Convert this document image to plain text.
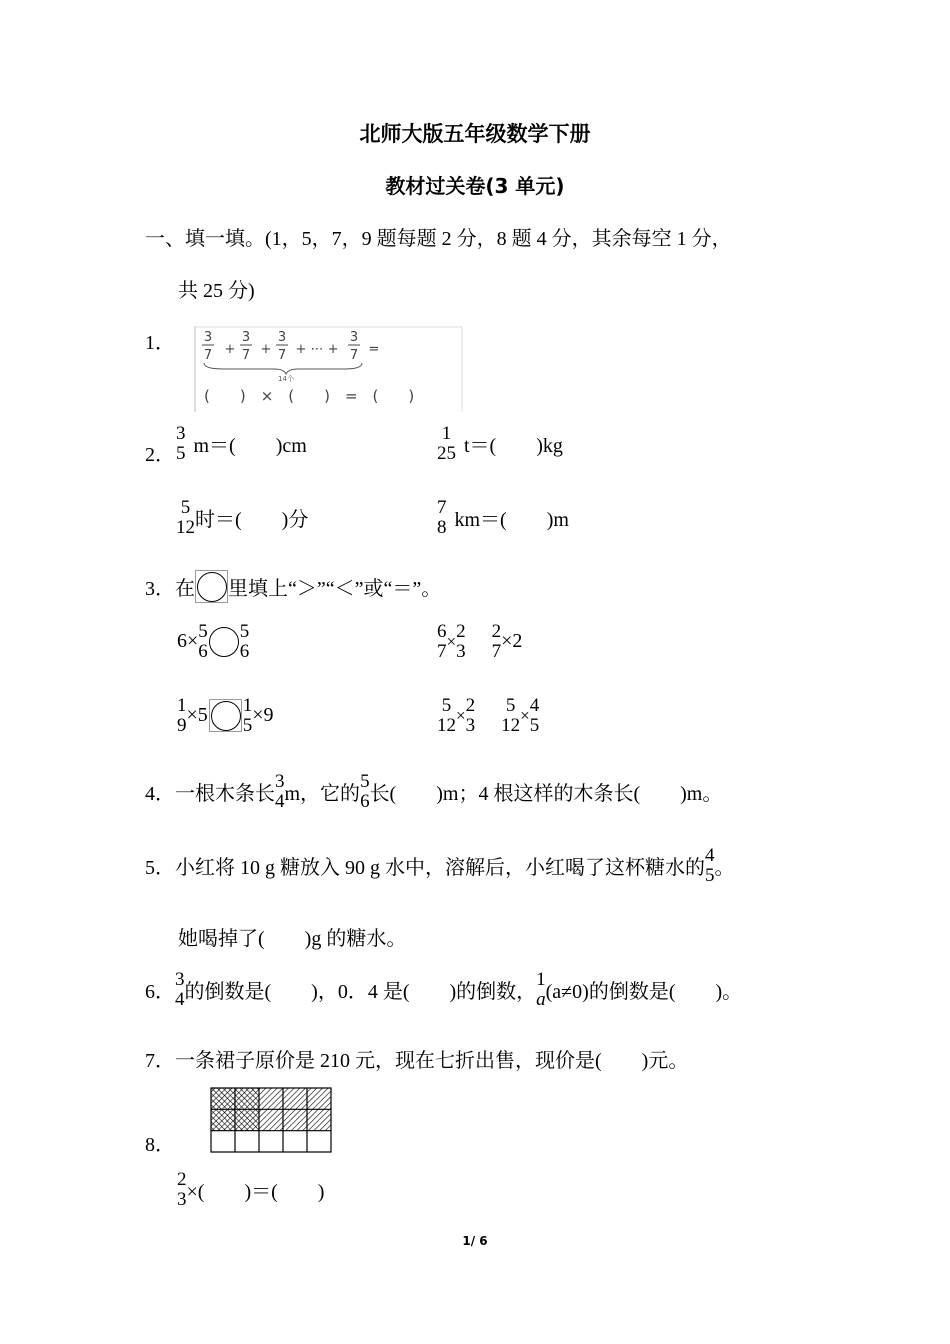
北师大版五年级数学下册
教材过关卷(3 单元)
一、填一填。(1，5，7，9 题每题 2 分，8 题 4 分，其余每空 1 分，
共 25 分)
1． 3
7 +
3
7 +
3
7 + ⋯ +
3
7 =
14个
(　　)　×　(　　)　=　(　　)
2．
3
5 m＝(　　)cm
1
25 t＝(　　)kg
5
12 时＝(　　)分
7
8 km＝(　　)m
3． 在 里填上“＞”“＜”或“＝”。
6× 5
6
5
6
6
7 × 2
3
2
7 ×2
1
9 ×5 1
5 ×9	5
12 × 2
3
5
12 × 4
5
4． 一根木条长
3
4 m，它的
5
6 长(　　)m；4 根这样的木条长(　　)m。
5． 小红将 10 g 糖放入 90 g 水中，溶解后，小红喝了这杯糖水的
4
5 。
她喝掉了(　　)g 的糖水。
6．
3
4 的倒数是(　　)，0．4 是(　　)的倒数，
1
a (a≠0)的倒数是(　　)。
7． 一条裙子原价是 210 元，现在七折出售，现价是(　　)元。
8．
2
3 ×(　　)＝(　　)
1/ 6
